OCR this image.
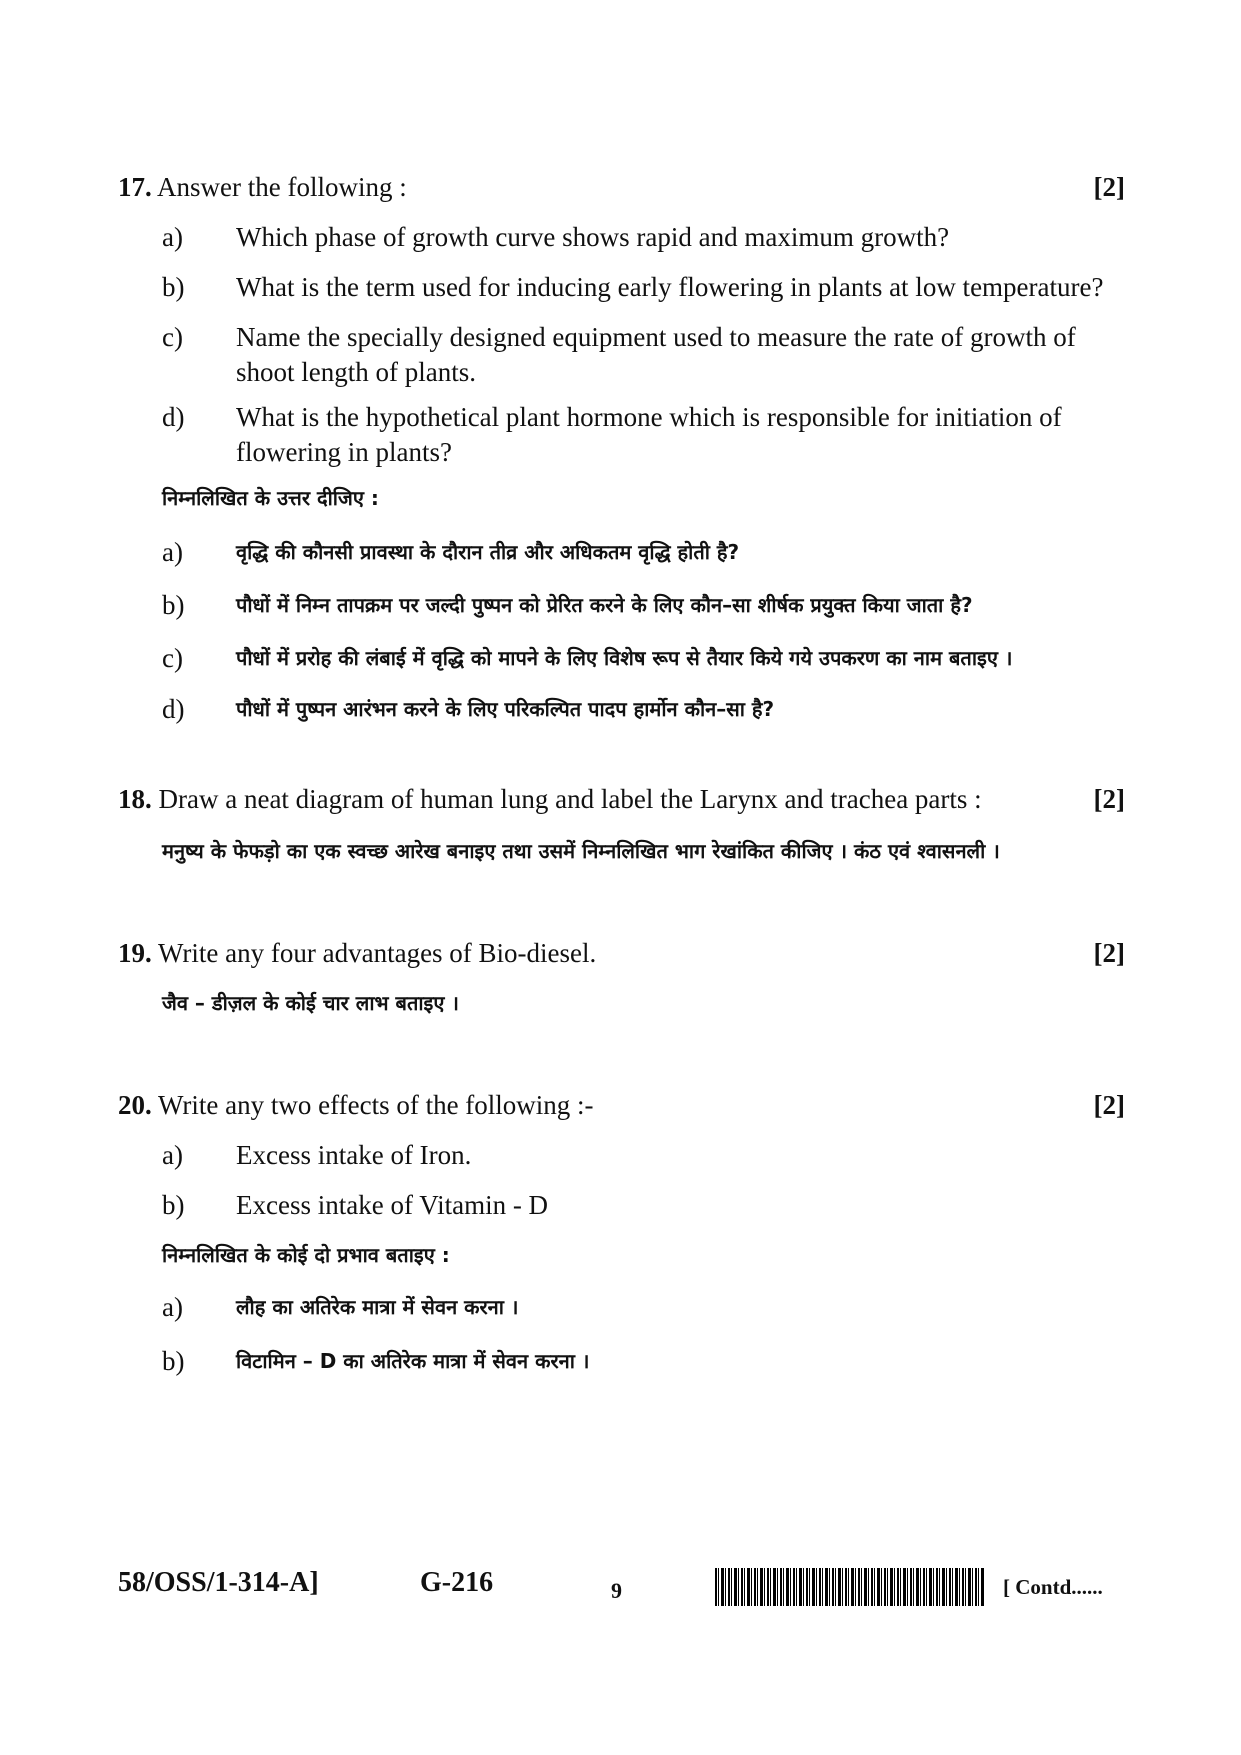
17. Answer the following :	[2]
a) Which phase of growth curve shows rapid and maximum growth?
b) What is the term used for inducing early flowering in plants at low temperature?
c) Name the specially designed equipment used to measure the rate of growth of shoot length of plants.
d) What is the hypothetical plant hormone which is responsible for initiation of flowering in plants?
निम्नलिखित के उत्तर दीजिए :
a)	वृद्धि की कौनसी प्रावस्था के दौरान तीव्र और अधिकतम वृद्धि होती है?
b)	पौधों में निम्न तापक्रम पर जल्दी पुष्पन को प्रेरित करने के लिए कौन–सा शीर्षक प्रयुक्त किया जाता है?
c)	पौधों में प्ररोह की लंबाई में वृद्धि को मापने के लिए विशेष रूप से तैयार किये गये उपकरण का नाम बताइए ।
d)	पौधों में पुष्पन आरंभन करने के लिए परिकल्पित पादप हार्मोन कौन–सा है?
18. Draw a neat diagram of human lung and label the Larynx and trachea parts :	[2]
मनुष्य के फेफड़ो का एक स्वच्छ आरेख बनाइए तथा उसमें निम्नलिखित भाग रेखांकित कीजिए । कंठ एवं श्वासनली ।
19. Write any four advantages of Bio-diesel.	[2]
जैव – डीज़ल के कोई चार लाभ बताइए ।
20. Write any two effects of the following :-	[2]
a) Excess intake of Iron.
b) Excess intake of Vitamin - D
निम्नलिखित के कोई दो प्रभाव बताइए :
a)	लौह का अतिरेक मात्रा में सेवन करना ।
b)	विटामिन – D का अतिरेक मात्रा में सेवन करना ।
58/OSS/1-314-A]	G-216	9	[ Contd......
